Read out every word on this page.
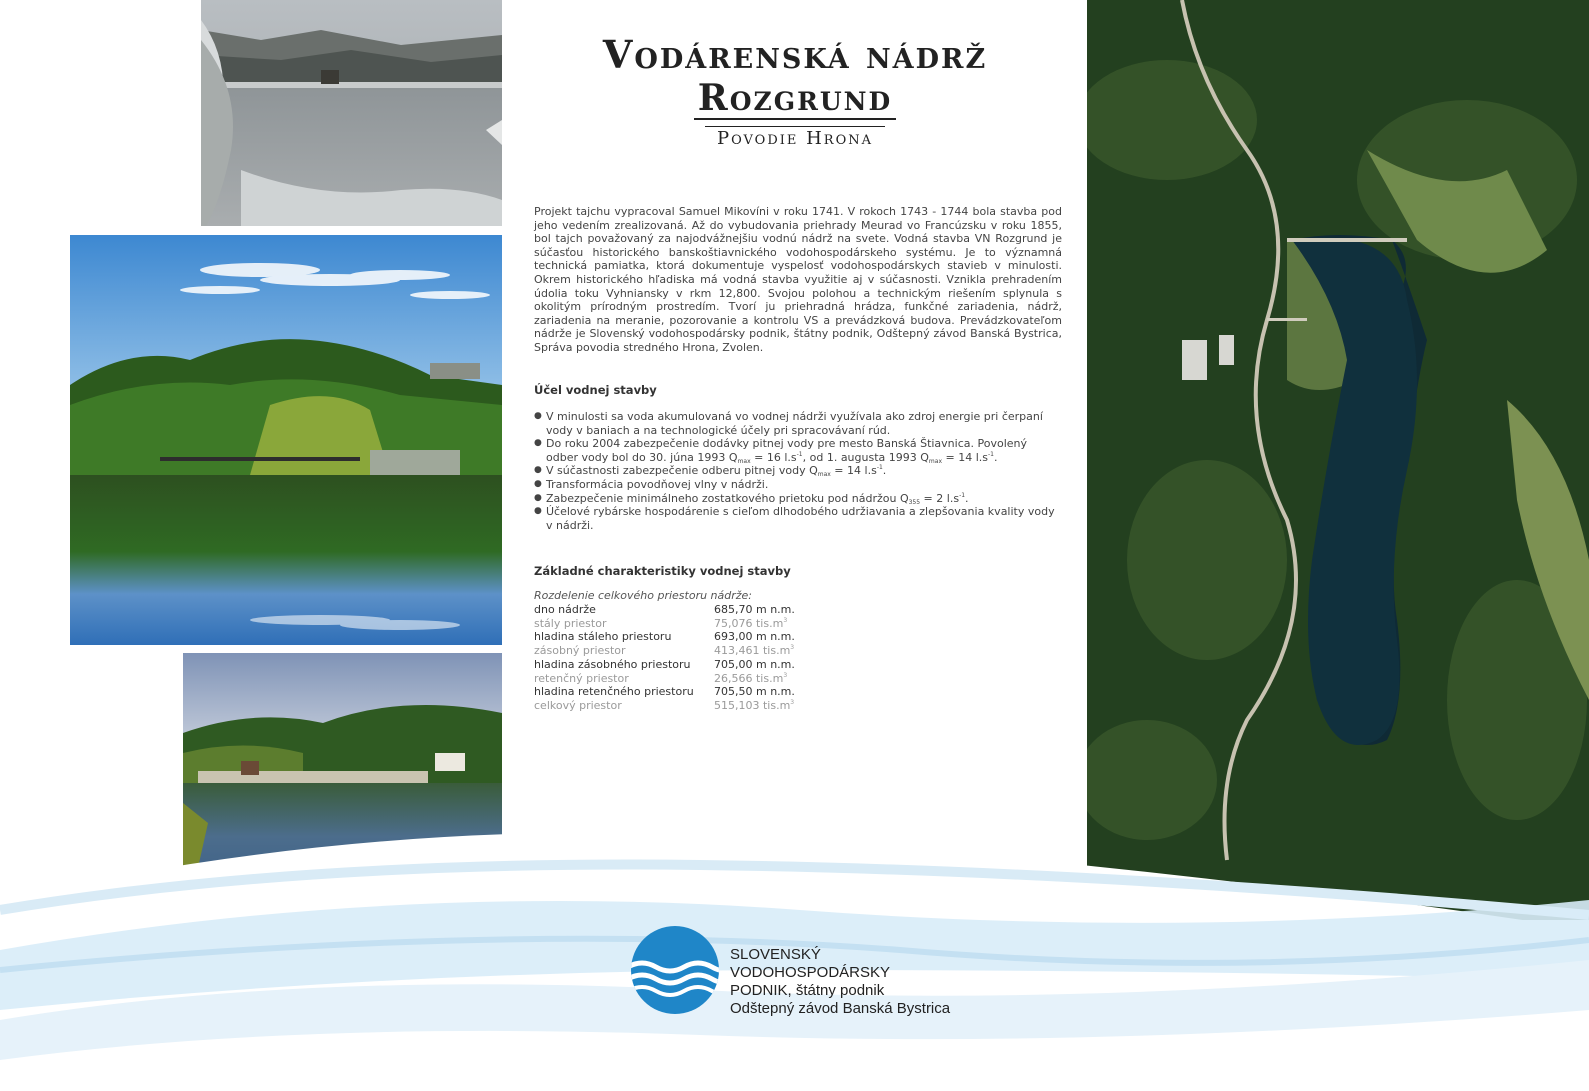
Vodárenská nádrž
Rozgrund
Povodie Hrona

Projekt tajchu vypracoval Samuel Mikovíni v roku 1741. V rokoch 1743 - 1744 bola stavba pod jeho vedením zrealizovaná. Až do vybudovania priehrady Meurad vo Francúzsku v roku 1855, bol tajch považovaný za najodvážnejšiu vodnú nádrž na svete. Vodná stavba VN Rozgrund je súčasťou historického banskoštiavnického vodohospodárskeho systému. Je to významná technická pamiatka, ktorá dokumentuje vyspelosť vodohospodárskych stavieb v minulosti. Okrem historického hľadiska má vodná stavba využitie aj v súčasnosti. Vznikla prehradením údolia toku Vyhniansky v rkm 12,800. Svojou polohou a technickým riešením splynula s okolitým prírodným prostredím. Tvorí ju priehradná hrádza, funkčné zariadenia, nádrž, zariadenia na meranie, pozorovanie a kontrolu VS a prevádzková budova. Prevádzkovateľom nádrže je Slovenský vodohospodársky podnik, štátny podnik, Odštepný závod Banská Bystrica, Správa povodia stredného Hrona, Zvolen.

Účel vodnej stavby
● V minulosti sa voda akumulovaná vo vodnej nádrži využívala ako zdroj energie pri čerpaní vody v baniach a na technologické účely pri spracovávaní rúd.
● Do roku 2004 zabezpečenie dodávky pitnej vody pre mesto Banská Štiavnica. Povolený odber vody bol do 30. júna 1993 $Q_{max} = 16$ $l.s^{-1}$, od 1. augusta 1993 $Q_{max} = 14$ $l.s^{-1}$.
● V súčastnosti zabezpečenie odberu pitnej vody $Q_{max} = 14$ $l.s^{-1}$.
● Transformácia povodňovej vlny v nádrži.
● Zabezpečenie minimálneho zostatkového prietoku pod nádržou $Q_{355} = 2$ $l.s^{-1}$.
● Účelové rybárske hospodárenie s cieľom dlhodobého udržiavania a zlepšovania kvality vody v nádrži.
Základné charakteristiky vodnej stavby
Rozdelenie celkového priestoru nádrže:
dno nádrže	685,70 m n.m.
stály priestor	75,076 $tis.m^3$
hladina stáleho priestoru	693,00 m n.m.
zásobný priestor	413,461 $tis.m^3$
hladina zásobného priestoru	705,00 m n.m.
retenčný priestor	26,566 $tis.m^3$
hladina retenčného priestoru	705,50 m n.m.
celkový priestor	515,103 $tis.m^3$
SLOVENSKÝ
VODOHOSPODÁRSKY
PODNIK, štátny podnik
Odštepný závod Banská Bystrica
